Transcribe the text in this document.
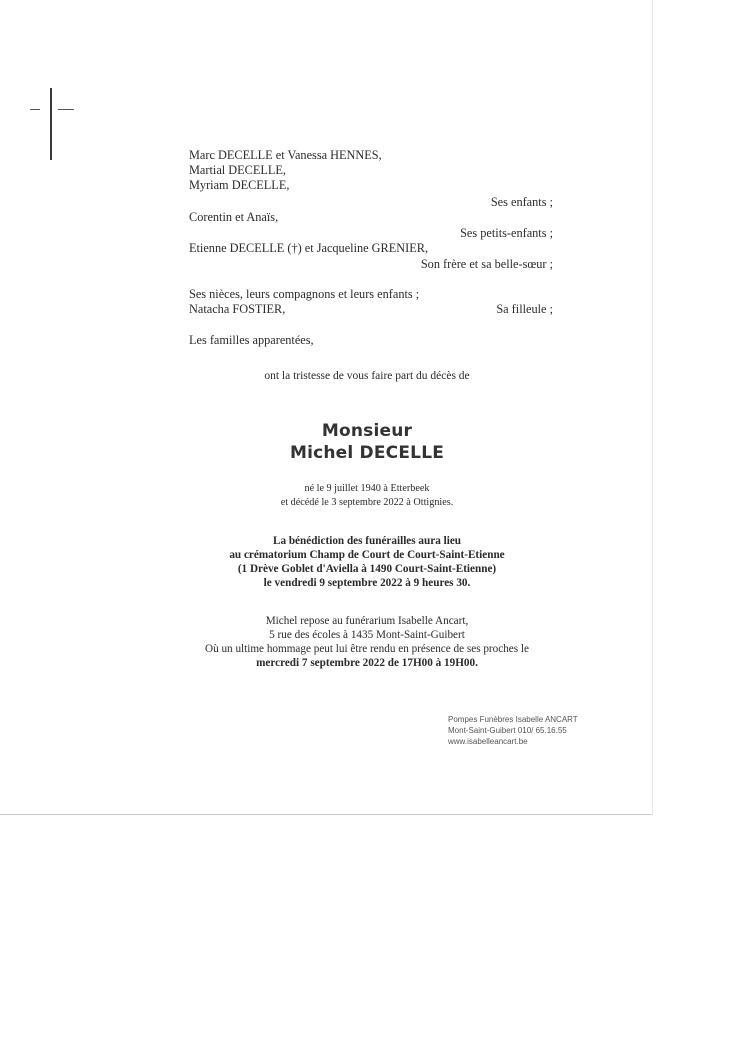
Marc DECELLE et Vanessa HENNES,
Martial DECELLE,
Myriam DECELLE,
Ses enfants ;
Corentin et Anaïs,
Ses petits-enfants ;
Etienne DECELLE (†) et Jacqueline GRENIER,
Son frère et sa belle-sœur ;
Ses nièces, leurs compagnons et leurs enfants ;
Natacha FOSTIER,	Sa filleule ;
Les familles apparentées,
ont la tristesse de vous faire part du décès de
Monsieur
Michel DECELLE
né le 9 juillet 1940 à Etterbeek
et décédé le 3 septembre 2022 à Ottignies.
La bénédiction des funérailles aura lieu
au crématorium Champ de Court de Court-Saint-Etienne
(1 Drève Goblet d'Aviella à 1490 Court-Saint-Etienne)
le vendredi 9 septembre 2022 à 9 heures 30.
Michel repose au funérarium Isabelle Ancart,
5 rue des écoles à 1435 Mont-Saint-Guibert
Où un ultime hommage peut lui être rendu en présence de ses proches le
mercredi 7 septembre 2022 de 17H00 à 19H00.
Pompes Funèbres Isabelle ANCART
Mont-Saint-Guibert 010/ 65.16.55
www.isabelleancart.be
